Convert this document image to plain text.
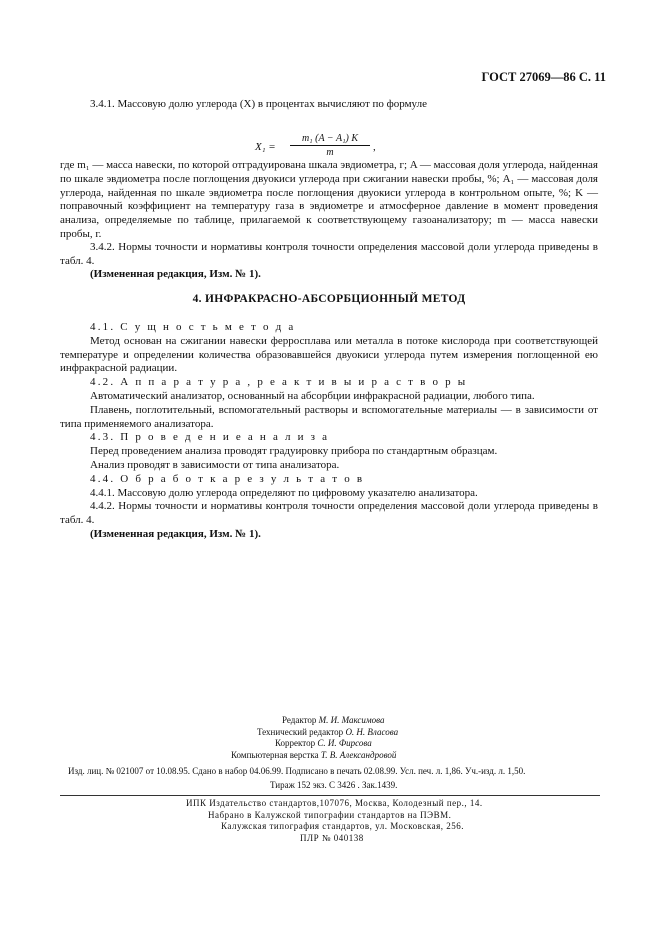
ГОСТ 27069—86 С. 11

3.4.1. Массовую долю углерода (X) в процентах вычисляют по формуле

$X_1 = \frac{\text{m₁ (A − A₁) K}}{m}$ ,

где m₁ — масса навески, по которой отградуирована шкала эвдиометра, г; A — массовая доля углерода, найденная по шкале эвдиометра после поглощения двуокиси углерода при сжигании навески пробы, %; A₁ — массовая доля углерода, найденная по шкале эвдиометра после поглощения двуокиси углерода в контрольном опыте, %; K — поправочный коэффициент на температуру газа в эвдиометре и атмосферное давление в момент проведения анализа, определяемые по таблице, прилагаемой к соответствующему газоанализатору; m — масса навески пробы, г.

3.4.2. Нормы точности и нормативы контроля точности определения массовой доли углерода приведены в табл. 4.

(Измененная редакция, Изм. № 1).

4. ИНФРАКРАСНО-АБСОРБЦИОННЫЙ МЕТОД

4.1. С у щ н о с т ь м е т о д а

Метод основан на сжигании навески ферросплава или металла в потоке кислорода при соответствующей температуре и определении количества образовавшейся двуокиси углерода путем измерения поглощенной ею инфракрасной радиации.

4.2. А п п а р а т у р а , р е а к т и в ы и р а с т в о р ы

Автоматический анализатор, основанный на абсорбции инфракрасной радиации, любого типа.

Плавень, поглотительный, вспомогательный растворы и вспомогательные материалы — в зависимости от типа применяемого анализатора.

4.3. П р о в е д е н и е а н а л и з а

Перед проведением анализа проводят градуировку прибора по стандартным образцам.

Анализ проводят в зависимости от типа анализатора.

4.4. О б р а б о т к а р е з у л ь т а т о в

4.4.1. Массовую долю углерода определяют по цифровому указателю анализатора.

4.4.2. Нормы точности и нормативы контроля точности определения массовой доли углерода приведены в табл. 4.

(Измененная редакция, Изм. № 1).

Редактор М. И. Максимова
Технический редактор О. Н. Власова
Корректор С. И. Фирсова
Компьютерная верстка Т. В. Александровой
Изд. лиц. № 021007 от 10.08.95. Сдано в набор 04.06.99. Подписано в печать 02.08.99. Усл. печ. л. 1,86. Уч.-изд. л. 1,50.
Тираж 152 экз. С 3426 . Зак.1439.
ИПК Издательство стандартов,107076, Москва, Колодезный пер., 14.
Набрано в Калужской типографии стандартов на ПЭВМ.
Калужская типография стандартов, ул. Московская, 256.
ПЛР № 040138
